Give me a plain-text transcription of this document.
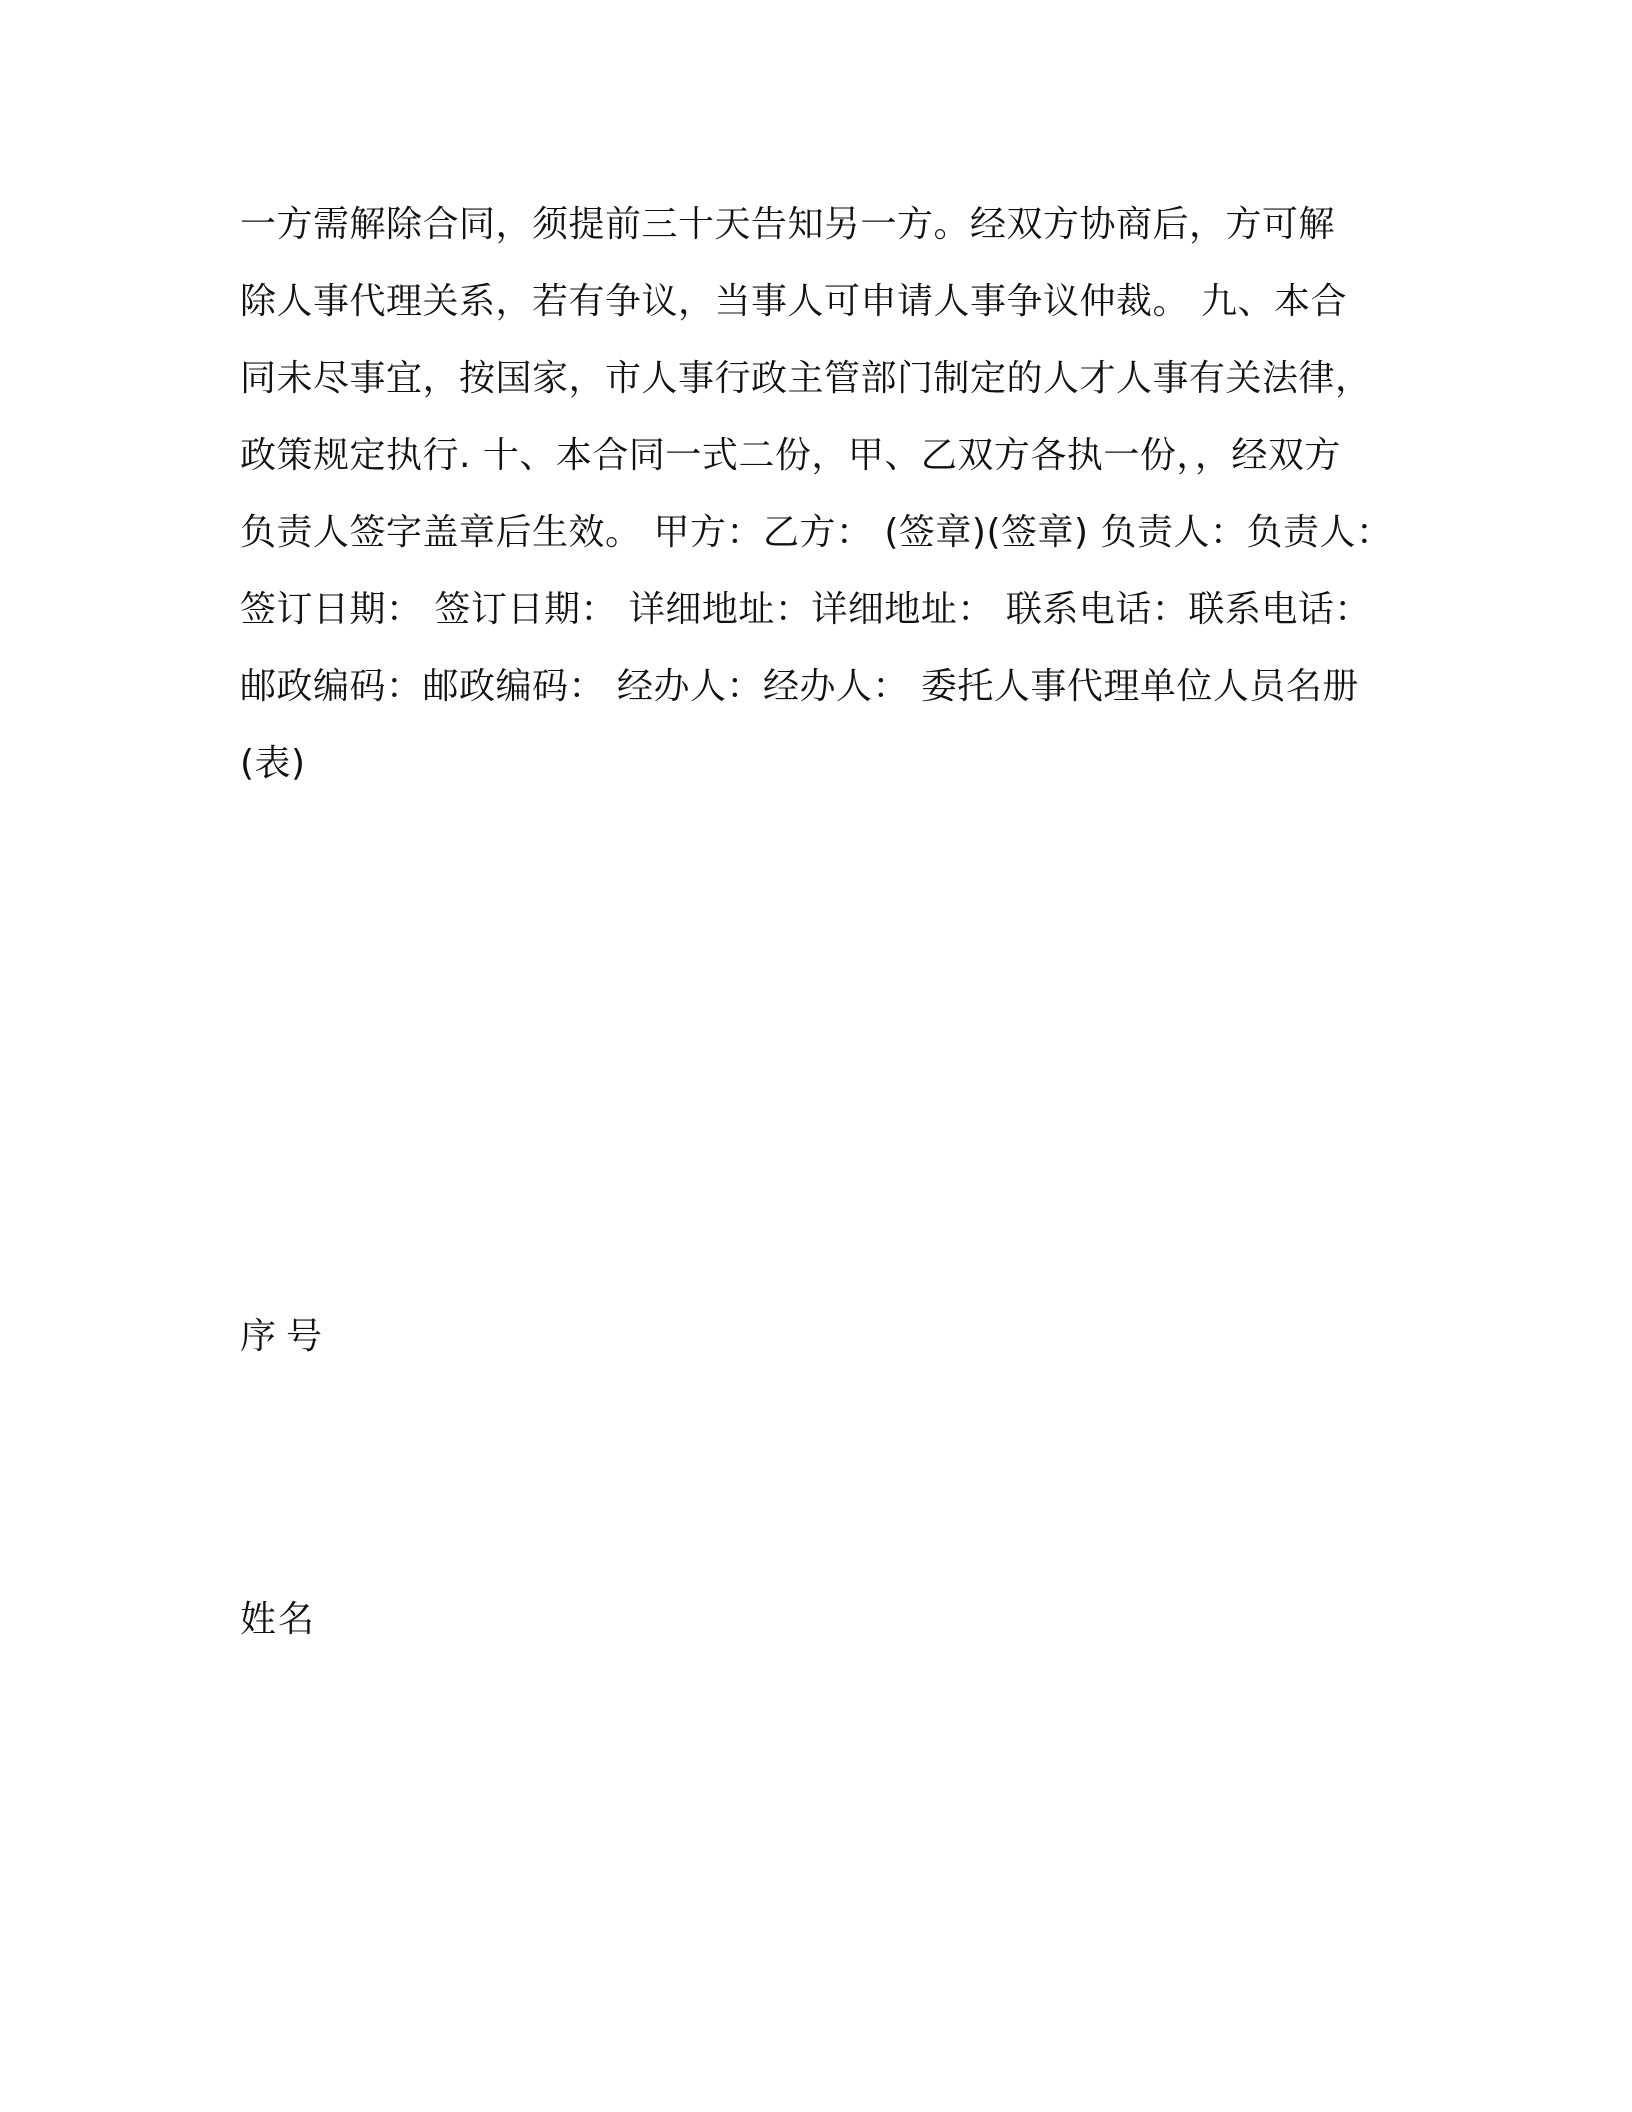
一方需解除合同，须提前三十天告知另一方。经双方协商后，方可解
除人事代理关系，若有争议，当事人可申请人事争议仲裁。 九、本合
同未尽事宜，按国家，市人事行政主管部门制定的人才人事有关法律，
政策规定执行. 十、本合同一式二份，甲、乙双方各执一份，，经双方
负责人签字盖章后生效。 甲方：乙方： (签章)(签章) 负责人：负责人：
签订日期： 签订日期： 详细地址：详细地址： 联系电话：联系电话：
邮政编码：邮政编码： 经办人：经办人： 委托人事代理单位人员名册
(表)

序号

姓名
